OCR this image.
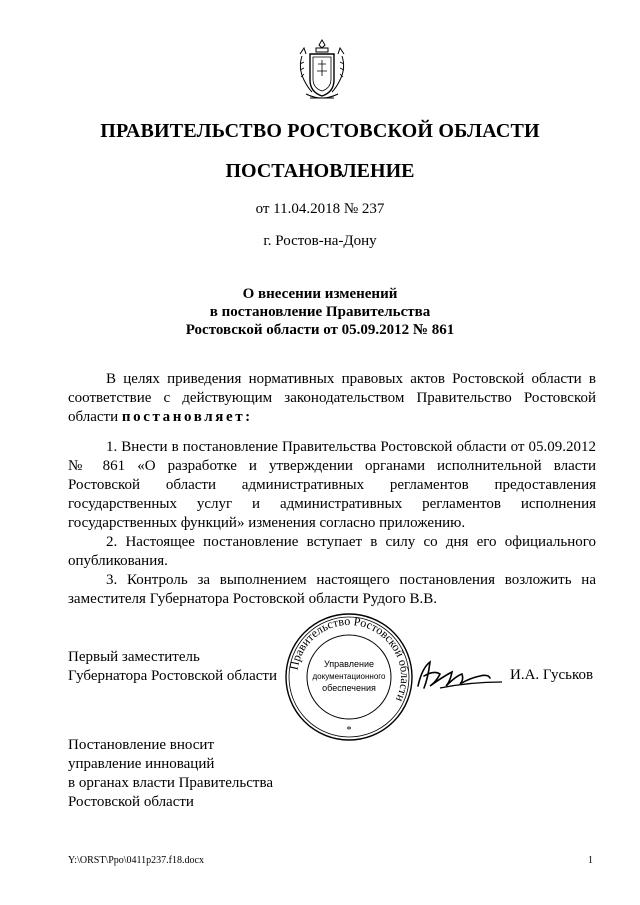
ПРАВИТЕЛЬСТВО РОСТОВСКОЙ ОБЛАСТИ
ПОСТАНОВЛЕНИЕ
от 11.04.2018 № 237
г. Ростов-на-Дону
О внесении изменений
в постановление Правительства
Ростовской области от 05.09.2012 № 861

В целях приведения нормативных правовых актов Ростовской области в соответствие с действующим законодательством Правительство Ростовской области постановляет:

1. Внести в постановление Правительства Ростовской области от 05.09.2012 № 861 «О разработке и утверждении органами исполнительной власти Ростовской области административных регламентов предоставления государственных услуг и административных регламентов исполнения государственных функций» изменения согласно приложению.

2. Настоящее постановление вступает в силу со дня его официального опубликования.

3. Контроль за выполнением настоящего постановления возложить на заместителя Губернатора Ростовской области Рудого В.В.

Первый заместитель
Губернатора Ростовской области
Правительство Ростовской области
Управление
документационного
обеспечения
*
И.А. Гуськов
Постановление вносит
управление инноваций
в органах власти Правительства
Ростовской области
Y:\ORST\Ppo\0411p237.f18.docx	1
